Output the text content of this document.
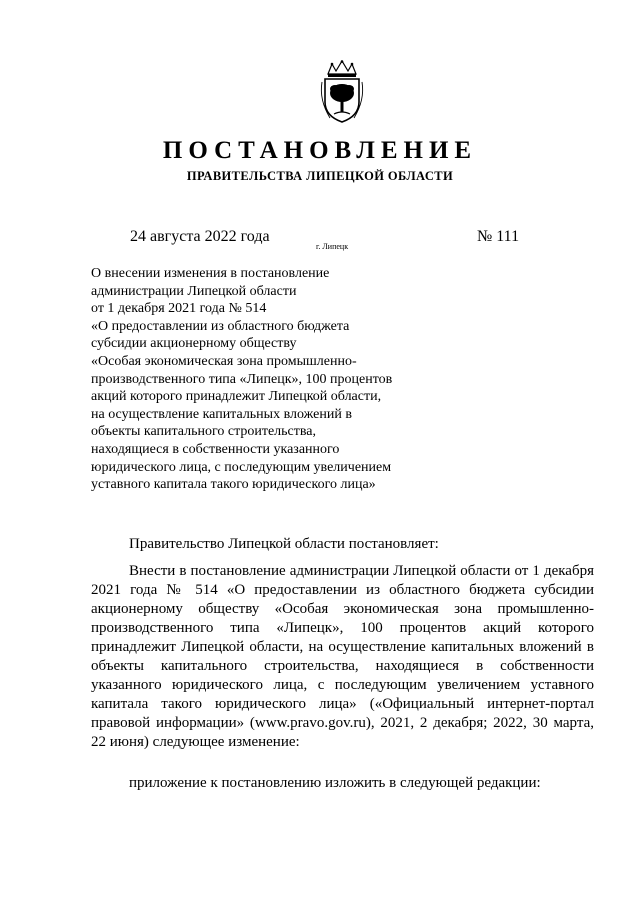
ПОСТАНОВЛЕНИЕ
ПРАВИТЕЛЬСТВА ЛИПЕЦКОЙ ОБЛАСТИ
24 августа 2022 года
г. Липецк
№ 111
О внесении изменения в постановление
администрации Липецкой области
от 1 декабря 2021 года № 514
«О предоставлении из областного бюджета
субсидии акционерному обществу
«Особая экономическая зона промышленно-
производственного типа «Липецк», 100 процентов
акций которого принадлежит Липецкой области,
на осуществление капитальных вложений в
объекты капитального строительства,
находящиеся в собственности указанного
юридического лица, с последующим увеличением
уставного капитала такого юридического лица»
Правительство Липецкой области постановляет:

Внести в постановление администрации Липецкой области от 1 декабря 2021 года № 514 «О предоставлении из областного бюджета субсидии акционерному обществу «Особая экономическая зона промышленно-производственного типа «Липецк», 100 процентов акций которого принадлежит Липецкой области, на осуществление капитальных вложений в объекты капитального строительства, находящиеся в собственности указанного юридического лица, с последующим увеличением уставного капитала такого юридического лица» («Официальный интернет-портал правовой информации» (www.pravo.gov.ru), 2021, 2 декабря; 2022, 30 марта, 22 июня) следующее изменение:

приложение к постановлению изложить в следующей редакции:
